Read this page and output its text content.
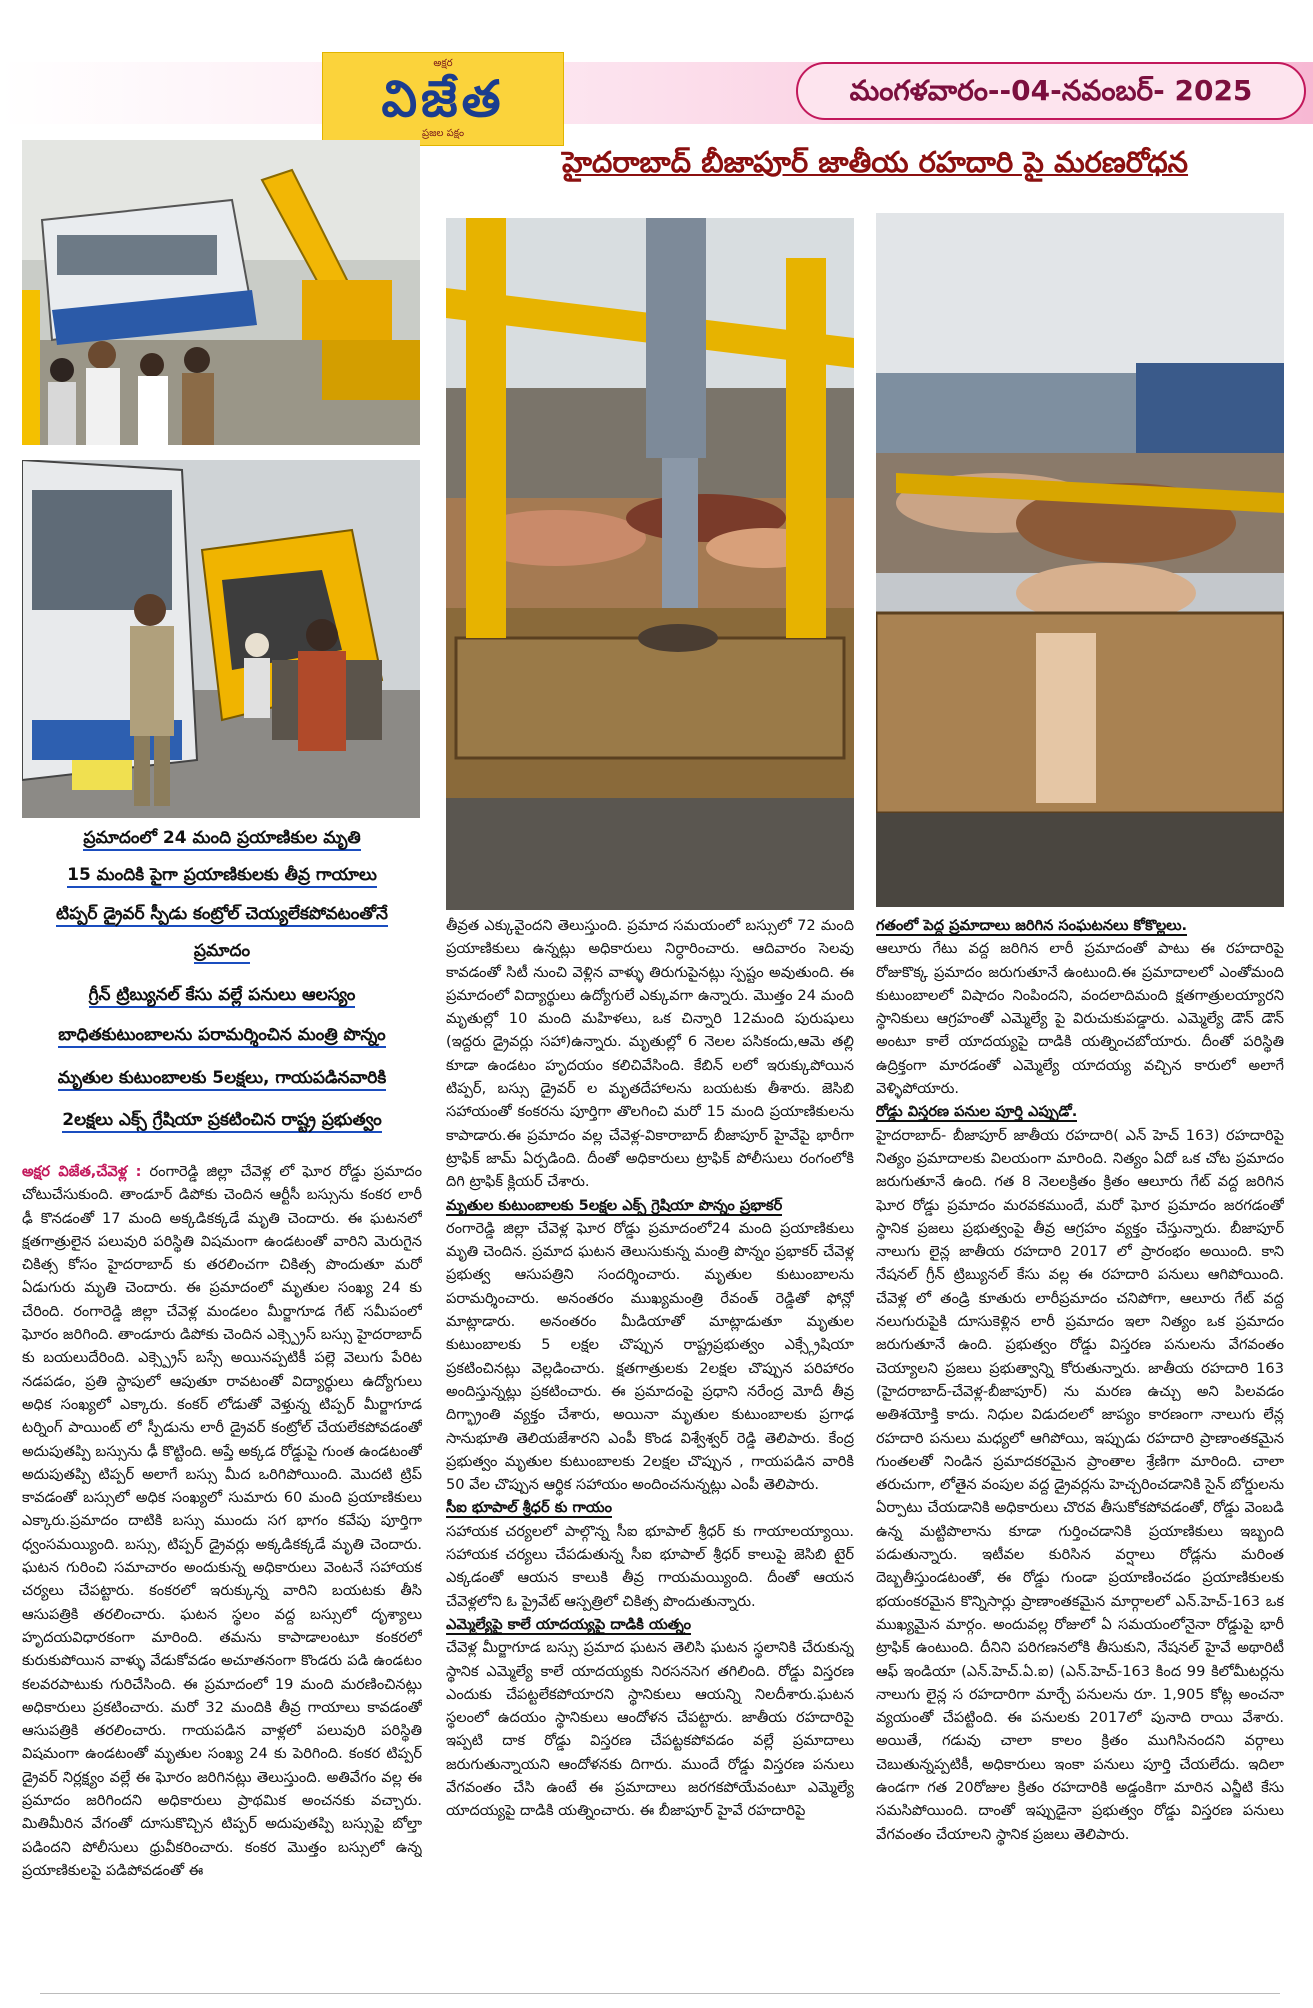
అక్షర
విజేత
ప్రజల పక్షం
మంగళవారం--04-నవంబర్- 2025
హైదరాబాద్ బీజాపూర్ జాతీయ రహదారి పై మరణరోధన
ప్రమాదంలో 24 మంది ప్రయాణికుల మృతి
15 మందికి పైగా ప్రయాణికులకు తీవ్ర గాయాలు
టిప్పర్ డ్రైవర్ స్పీడు కంట్రోల్ చెయ్యలేకపోవటంతోనే
ప్రమాదం
గ్రీన్ ట్రిబ్యునల్ కేసు వల్లే పనులు ఆలస్యం
బాధితకుటుంబాలను పరామర్శించిన మంత్రి పొన్నం
మృతుల కుటుంబాలకు 5లక్షలు, గాయపడినవారికి
2లక్షలు ఎక్స్ గ్రేషియా ప్రకటించిన రాష్ట్ర ప్రభుత్వం

అక్షర విజేత,చేవెళ్ల : రంగారెడ్డి జిల్లా చేవెళ్ల లో ఘోర రోడ్డు ప్రమాదం చోటుచేసుకుంది. తాండూర్ డిపోకు చెందిన ఆర్టీసీ బస్సును కంకర లారీ ఢీ కొనడంతో 17 మంది అక్కడికక్కడే మృతి చెందారు. ఈ ఘటనలో క్షతగాత్రులైన పలువురి పరిస్థితి విషమంగా ఉండటంతో వారిని మెరుగైన చికిత్స కోసం హైదరాబాద్ కు తరలించగా చికిత్స పొందుతూ మరో ఏడుగురు మృతి చెందారు. ఈ ప్రమాదంలో మృతుల సంఖ్య 24 కు చేరింది. రంగారెడ్డి జిల్లా చేవెళ్ల మండలం మీర్జాగూడ గేట్ సమీపంలో ఘోరం జరిగింది. తాండూరు డిపోకు చెందిన ఎక్స్ప్రెస్ బస్సు హైదరాబాద్ కు బయలుదేరింది. ఎక్స్ప్రెస్ బస్సే అయినప్పటికీ పల్లె వెలుగు పేరిట నడపడం, ప్రతి స్టాపులో ఆపుతూ రావటంతో విద్యార్థులు ఉద్యోగులు అధిక సంఖ్యలో ఎక్కారు. కంకర్ లోడుతో వెళ్తున్న టిప్పర్ మీర్జాగూడ టర్నింగ్ పాయింట్ లో స్పీడును లారీ డ్రైవర్ కంట్రోల్ చేయలేకపోవడంతో అదుపుతప్పి బస్సును ఢీ కొట్టింది. అప్తే అక్కడ రోడ్డుపై గుంత ఉండటంతో అదుపుతప్పి టిప్పర్ అలాగే బస్సు మీద ఒరిగిపోయింది. మొదటి ట్రిప్ కావడంతో బస్సులో అధిక సంఖ్యలో సుమారు 60 మంది ప్రయాణికులు ఎక్కారు.ప్రమాదం దాటికి బస్సు ముందు సగ భాగం కవేపు పూర్తిగా ధ్వంసమయ్యింది. బస్సు, టిప్పర్ డ్రైవర్లు అక్కడికక్కడే మృతి చెందారు. ఘటన గురించి సమాచారం అందుకున్న అధికారులు వెంటనే సహాయక చర్యలు చేపట్టారు. కంకరలో ఇరుక్కున్న వారిని బయటకు తీసి ఆసుపత్రికి తరలించారు. ఘటన స్థలం వద్ద బస్సులో దృశ్యాలు హృదయవిధారకంగా మారింది. తమను కాపాడాలంటూ కంకరలో కురుకుపోయిన వాళ్ళు వేడుకోవడం అచూతనంగా కొండరు పడి ఉండటం కలవరపాటుకు గురిచేసింది. ఈ ప్రమాదంలో 19 మంది మరణించినట్లు అధికారులు ప్రకటించారు. మరో 32 మందికి తీవ్ర గాయాలు కావడంతో ఆసుపత్రికి తరలించారు. గాయపడిన వాళ్లలో పలువురి పరిస్థితి విషమంగా ఉండటంతో మృతుల సంఖ్య 24 కు పెరిగింది. కంకర టిప్పర్ డ్రైవర్ నిర్లక్ష్యం వల్లే ఈ ఘోరం జరిగినట్లు తెలుస్తుంది. అతివేగం వల్ల ఈ ప్రమాదం జరిగిందని అధికారులు ప్రాథమిక అంచనకు వచ్చారు. మితిమీరిన వేగంతో దూసుకొచ్చిన టిప్పర్ అదుపుతప్పి బస్సుపై బోల్తా పడిందని పోలీసులు ధ్రువీకరించారు. కంకర మొత్తం బస్సులో ఉన్న ప్రయాణికులపై పడిపోవడంతో ఈ

తీవ్రత ఎక్కువైందని తెలుస్తుంది. ప్రమాద సమయంలో బస్సులో 72 మంది ప్రయాణికులు ఉన్నట్లు అధికారులు నిర్ధారించారు. ఆదివారం సెలవు కావడంతో సిటీ నుంచి వెళ్లిన వాళ్ళు తిరుగుపైనట్లు స్పష్టం అవుతుంది. ఈ ప్రమాదంలో విద్యార్థులు ఉద్యోగులే ఎక్కువగా ఉన్నారు. మొత్తం 24 మంది మృతుల్లో 10 మంది మహిళలు, ఒక చిన్నారి 12మంది పురుషులు (ఇద్దరు డ్రైవర్లు సహా)ఉన్నారు. మృతుల్లో 6 నెలల పసికందు,ఆమె తల్లి కూడా ఉండటం హృదయం కలిచివేసింది. కేబిన్ లలో ఇరుక్కుపోయిన టిప్పర్, బస్సు డ్రైవర్ ల మృతదేహాలను బయటకు తీశారు. జెసిబి సహాయంతో కంకరను పూర్తిగా తొలగించి మరో 15 మంది ప్రయాణికులను కాపాడారు.ఈ ప్రమాదం వల్ల చేవెళ్ల-వికారాబాద్ బీజాపూర్ హైవేపై భారీగా ట్రాఫిక్ జామ్ ఏర్పడింది. దీంతో అధికారులు ట్రాఫిక్ పోలీసులు రంగంలోకి దిగి ట్రాఫిక్ క్లియర్ చేశారు.

మృతుల కుటుంబాలకు 5లక్షల ఎక్స్ గ్రెషియా పొన్నం ప్రభాకర్

రంగారెడ్డి జిల్లా చేవెళ్ల ఘోర రోడ్డు ప్రమాదంలో24 మంది ప్రయాణికులు మృతి చెందిన. ప్రమాద ఘటన తెలుసుకున్న మంత్రి పొన్నం ప్రభాకర్ చేవెళ్ల ప్రభుత్వ ఆసుపత్రిని సందర్శించారు. మృతుల కుటుంబాలను పరామర్శించారు. అనంతరం ముఖ్యమంత్రి రేవంత్ రెడ్డితో ఫోన్లో మాట్లాడారు. అనంతరం మీడియాతో మాట్లాడుతూ మృతుల కుటుంబాలకు 5 లక్షల చొప్పున రాష్ట్రప్రభుత్వం ఎక్స్గ్రేషియా ప్రకటించినట్లు వెల్లడించారు. క్షతగాత్రులకు 2లక్షల చొప్పున పరిహారం అందిస్తున్నట్లు ప్రకటించారు. ఈ ప్రమాదంపై ప్రధాని నరేంద్ర మోదీ తీవ్ర దిగ్భ్రాంతి వ్యక్తం చేశారు, అయినా మృతుల కుటుంబాలకు ప్రగాఢ సానుభూతి తెలియజేశారని ఎంపీ కొండ విశ్వేశ్వర్ రెడ్డి తెలిపారు. కేంద్ర ప్రభుత్వం మృతుల కుటుంబాలకు 2లక్షల చొప్పున , గాయపడిన వారికి 50 వేల చొప్పున ఆర్థిక సహాయం అందించనున్నట్లు ఎంపీ తెలిపారు.

సీఐ భూపాల్ శ్రీధర్ కు గాయం

సహాయక చర్యలలో పాల్గొన్న సీఐ భూపాల్ శ్రీధర్ కు గాయాలయ్యాయి. సహాయక చర్యలు చేపడుతున్న సీఐ భూపాల్ శ్రీధర్ కాలుపై జెసిబి టైర్ ఎక్కడంతో ఆయన కాలుకి తీవ్ర గాయమయ్యింది. దీంతో ఆయన చేవెళ్లలోని ఓ ప్రైవేట్ ఆస్పత్రిలో చికిత్స పొందుతున్నారు.

ఎమ్మెల్యేపై కాలే యాదయ్యపై దాడికి యత్నం

చేవెళ్ల మీర్జాగూడ బస్సు ప్రమాద ఘటన తెలిసి ఘటన స్థలానికి చేరుకున్న స్థానిక ఎమ్మెల్యే కాలే యాదయ్యకు నిరసనసెగ తగిలింది. రోడ్డు విస్తరణ ఎందుకు చేపట్టలేకపోయారని స్థానికులు ఆయన్ని నిలదీశారు.ఘటన స్థలంలో ఉదయం స్థానికులు ఆందోళన చేపట్టారు. జాతీయ రహదారిపై ఇప్పటి దాక రోడ్డు విస్తరణ చేపట్టకపోవడం వల్లే ప్రమాదాలు జరుగుతున్నాయని ఆందోళనకు దిగారు. ముందే రోడ్డు విస్తరణ పనులు వేగవంతం చేసి ఉంటే ఈ ప్రమాదాలు జరగకపోయేవంటూ ఎమ్మెల్యే యాదయ్యపై దాడికి యత్నించారు. ఈ బీజాపూర్ హైవే రహదారిపై

గతంలో పెద్ద ప్రమాదాలు జరిగిన సంఘటనలు కోకొల్లలు.

ఆలూరు గేటు వద్ద జరిగిన లారీ ప్రమాదంతో పాటు ఈ రహదారిపై రోజుకొక్క ప్రమాదం జరుగుతూనే ఉంటుంది.ఈ ప్రమాదాలలో ఎంతోమంది కుటుంబాలలో విషాదం నింపిందని, వందలాదిమంది క్షతగాత్రులయ్యారని స్థానికులు ఆగ్రహంతో ఎమ్మెల్యే పై విరుచుకుపడ్డారు. ఎమ్మెల్యే డౌన్ డౌన్ అంటూ కాలే యాదయ్యపై దాడికి యత్నించబోయారు. దీంతో పరిస్థితి ఉద్రిక్తంగా మారడంతో ఎమ్మెల్యే యాదయ్య వచ్చిన కారులో అలాగే వెళ్ళిపోయారు.

రోడ్డు విస్తరణ పనుల పూర్తి ఎప్పుడో.

హైదరాబాద్- బీజాపూర్ జాతీయ రహదారి( ఎన్ హెచ్ 163) రహదారిపై నిత్యం ప్రమాదాలకు విలయంగా మారింది. నిత్యం ఏదో ఒక చోట ప్రమాదం జరుగుతూనే ఉంది. గత 8 నెలలక్రితం క్రితం ఆలూరు గేట్ వద్ద జరిగిన ఘోర రోడ్డు ప్రమాదం మరవకముందే, మరో ఘోర ప్రమాదం జరగడంతో స్థానిక ప్రజలు ప్రభుత్వంపై తీవ్ర ఆగ్రహం వ్యక్తం చేస్తున్నారు. బీజాపూర్ నాలుగు లైన్ల జాతీయ రహదారి 2017 లో ప్రారంభం అయింది. కాని నేషనల్ గ్రీన్ ట్రిబ్యునల్ కేసు వల్ల ఈ రహదారి పనులు ఆగిపోయింది. చేవెళ్ల లో తండ్రి కూతురు లారీప్రమాదం చనిపోగా, ఆలూరు గేట్ వద్ద నలుగురుపైకి దూసుకెళ్లిన లారీ ప్రమాదం ఇలా నిత్యం ఒక ప్రమాదం జరుగుతూనే ఉంది. ప్రభుత్వం రోడ్డు విస్తరణ పనులను వేగవంతం చెయ్యాలని ప్రజలు ప్రభుత్వాన్ని కోరుతున్నారు. జాతీయ రహదారి 163 (హైదరాబాద్-చేవెళ్ల-బీజాపూర్) ను మరణ ఉచ్చు అని పిలవడం అతిశయోక్తి కాదు. నిధుల విడుదలలో జాప్యం కారణంగా నాలుగు లేన్ల రహదారి పనులు మధ్యలో ఆగిపోయి, ఇప్పుడు రహదారి ప్రాణాంతకమైన గుంతలతో నిండిన ప్రమాదకరమైన ప్రాంతాల శ్రేణిగా మారింది. చాలా తరుచుగా, లోతైన వంపుల వద్ద డ్రైవర్లను హెచ్చరించడానికి సైన్ బోర్డులను ఏర్పాటు చేయడానికి అధికారులు చొరవ తీసుకోకపోవడంతో, రోడ్డు వెంబడి ఉన్న మట్టిపొలాను కూడా గుర్తించడానికి ప్రయాణికులు ఇబ్బంది పడుతున్నారు. ఇటీవల కురిసిన వర్షాలు రోడ్లను మరింత దెబ్బతీస్తుండటంతో, ఈ రోడ్డు గుండా ప్రయాణించడం ప్రయాణికులకు భయంకరమైన కొన్నిసార్లు ప్రాణాంతకమైన మార్గాలలో ఎన్.హెచ్-163 ఒక ముఖ్యమైన మార్గం. అందువల్ల రోజులో ఏ సమయంలోనైనా రోడ్డుపై భారీ ట్రాఫిక్ ఉంటుంది. దీనిని పరిగణనలోకి తీసుకుని, నేషనల్ హైవే అథారిటీ ఆఫ్ ఇండియా (ఎన్.హెచ్.ఏ.ఐ) (ఎన్.హెచ్-163 కింద 99 కిలోమీటర్లను నాలుగు లైన్ల స రహదారిగా మార్చే పనులను రూ. 1,905 కోట్ల అంచనా వ్యయంతో చేపట్టింది. ఈ పనులకు 2017లో పునాది రాయి వేశారు. అయితే, గడువు చాలా కాలం క్రితం ముగిసినందని వర్గాలు చెబుతున్నప్పటికీ, అధికారులు ఇంకా పనులు పూర్తి చేయలేదు. ఇదిలా ఉండగా గత 20రోజుల క్రితం రహదారికి అడ్డంకిగా మారిన ఎన్జీటి కేసు సమసిపోయింది. దాంతో ఇప్పుడైనా ప్రభుత్వం రోడ్డు విస్తరణ పనులు వేగవంతం చేయాలని స్థానిక ప్రజలు తెలిపారు.
